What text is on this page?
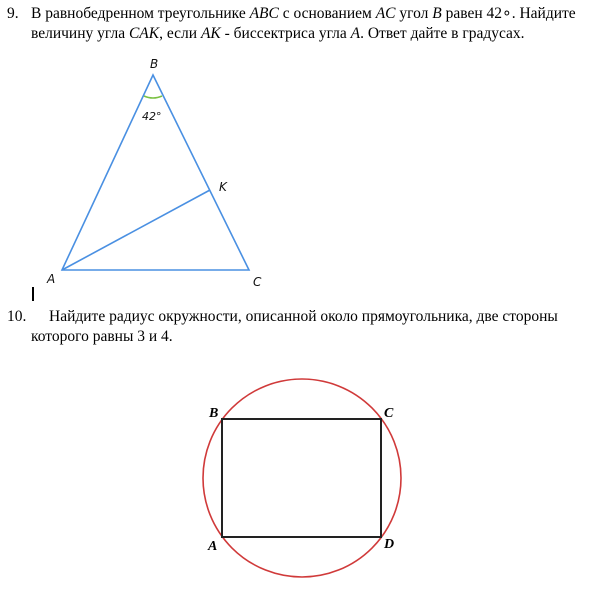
9. В равнобедренном треугольнике ABC с основанием AC угол B равен 42∘. Найдите
величину угла CAK, если AK - биссектриса угла A. Ответ дайте в градусах.
B
K
A	C
42°
B	C
A	D
10. Найдите радиус окружности, описанной около прямоугольника, две стороны
которого равны 3 и 4.
